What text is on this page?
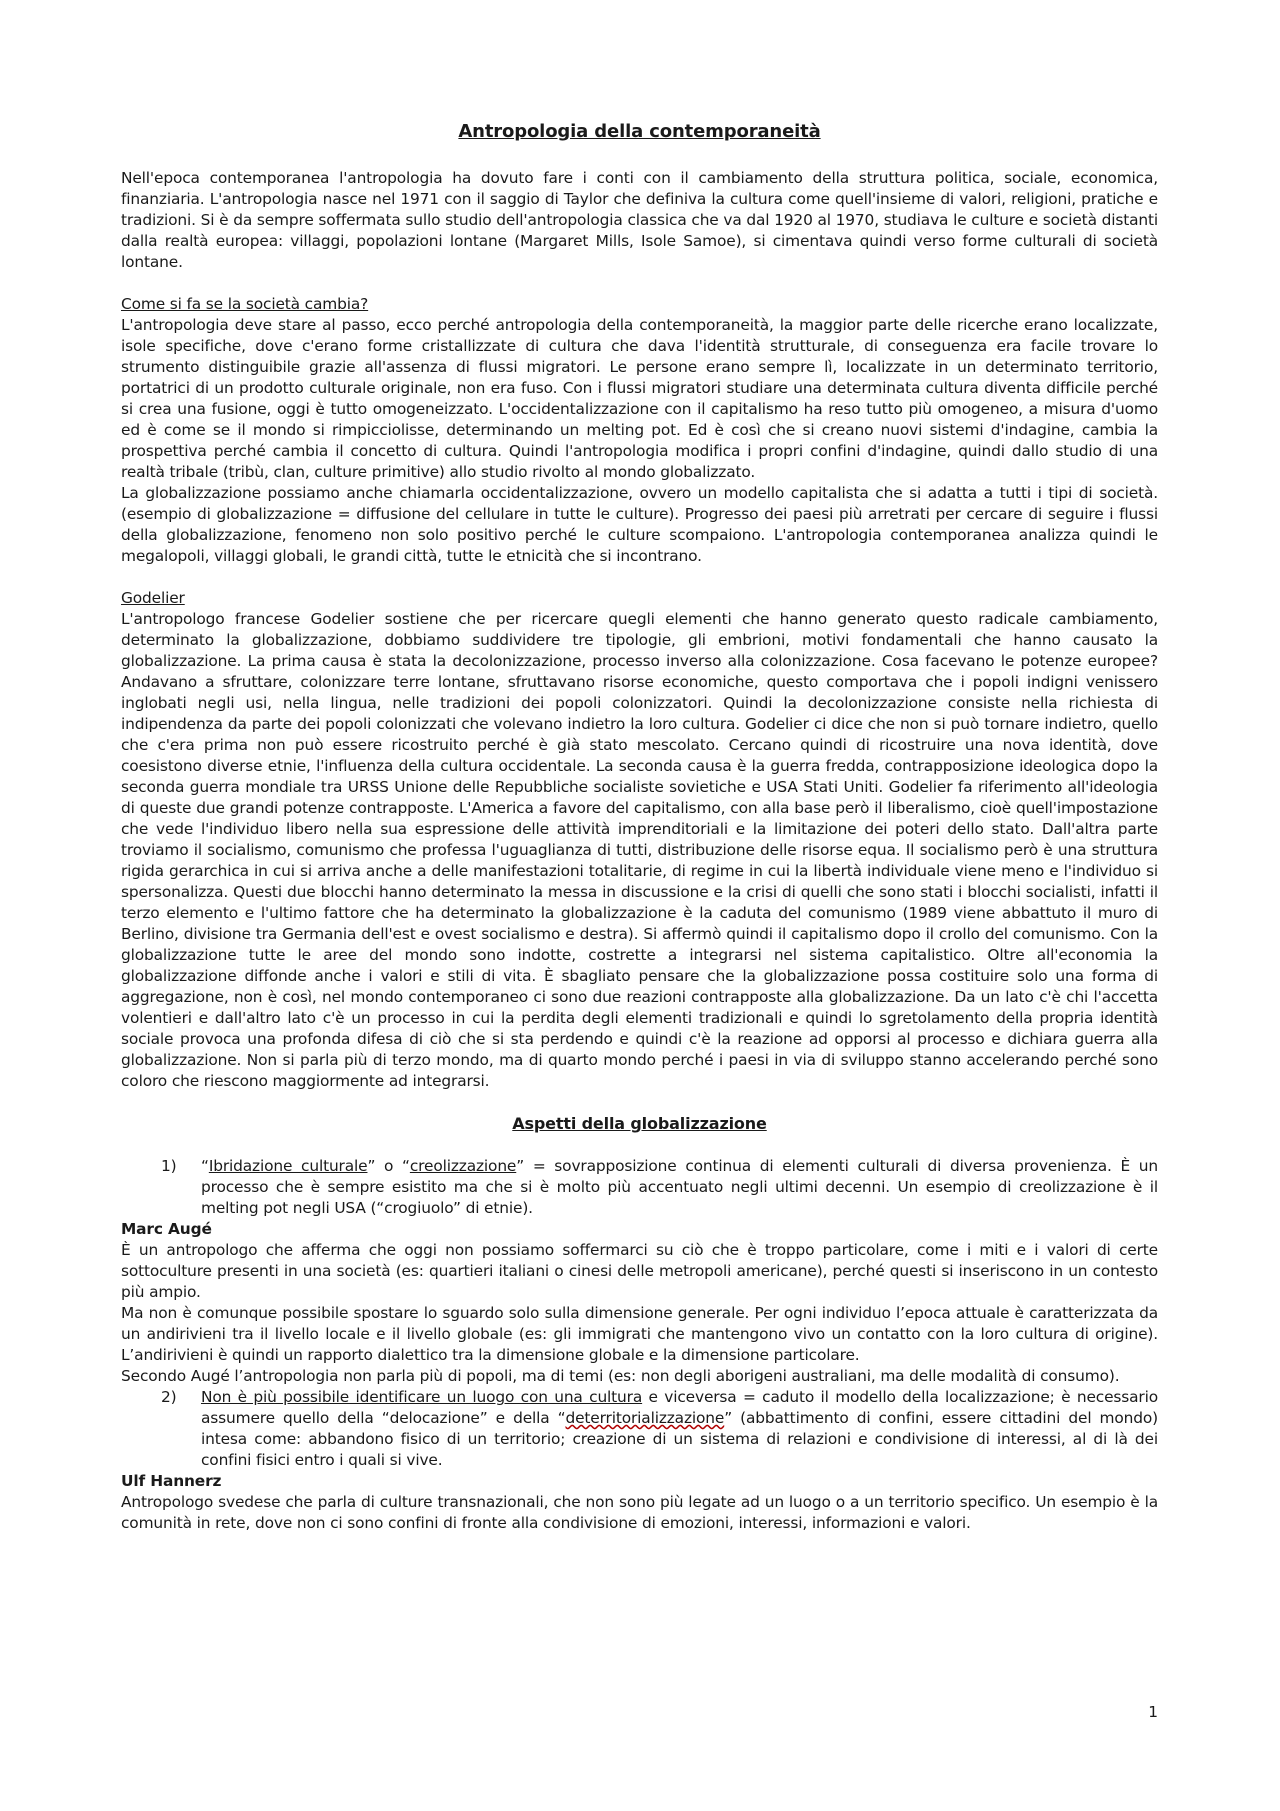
Antropologia della contemporaneità

Nell'epoca contemporanea l'antropologia ha dovuto fare i conti con il cambiamento della struttura politica, sociale, economica, finanziaria. L'antropologia nasce nel 1971 con il saggio di Taylor che definiva la cultura come quell'insieme di valori, religioni, pratiche e tradizioni. Si è da sempre soffermata sullo studio dell'antropologia classica che va dal 1920 al 1970, studiava le culture e società distanti dalla realtà europea: villaggi, popolazioni lontane (Margaret Mills, Isole Samoe), si cimentava quindi verso forme culturali di società lontane.

Come si fa se la società cambia?

L'antropologia deve stare al passo, ecco perché antropologia della contemporaneità, la maggior parte delle ricerche erano localizzate, isole specifiche, dove c'erano forme cristallizzate di cultura che dava l'identità strutturale, di conseguenza era facile trovare lo strumento distinguibile grazie all'assenza di flussi migratori. Le persone erano sempre lì, localizzate in un determinato territorio, portatrici di un prodotto culturale originale, non era fuso. Con i flussi migratori studiare una determinata cultura diventa difficile perché si crea una fusione, oggi è tutto omogeneizzato. L'occidentalizzazione con il capitalismo ha reso tutto più omogeneo, a misura d'uomo ed è come se il mondo si rimpicciolisse, determinando un melting pot. Ed è così che si creano nuovi sistemi d'indagine, cambia la prospettiva perché cambia il concetto di cultura. Quindi l'antropologia modifica i propri confini d'indagine, quindi dallo studio di una realtà tribale (tribù, clan, culture primitive) allo studio rivolto al mondo globalizzato.

La globalizzazione possiamo anche chiamarla occidentalizzazione, ovvero un modello capitalista che si adatta a tutti i tipi di società. (esempio di globalizzazione = diffusione del cellulare in tutte le culture). Progresso dei paesi più arretrati per cercare di seguire i flussi della globalizzazione, fenomeno non solo positivo perché le culture scompaiono. L'antropologia contemporanea analizza quindi le megalopoli, villaggi globali, le grandi città, tutte le etnicità che si incontrano.

Godelier

L'antropologo francese Godelier sostiene che per ricercare quegli elementi che hanno generato questo radicale cambiamento, determinato la globalizzazione, dobbiamo suddividere tre tipologie, gli embrioni, motivi fondamentali che hanno causato la globalizzazione. La prima causa è stata la decolonizzazione, processo inverso alla colonizzazione. Cosa facevano le potenze europee? Andavano a sfruttare, colonizzare terre lontane, sfruttavano risorse economiche, questo comportava che i popoli indigni venissero inglobati negli usi, nella lingua, nelle tradizioni dei popoli colonizzatori. Quindi la decolonizzazione consiste nella richiesta di indipendenza da parte dei popoli colonizzati che volevano indietro la loro cultura. Godelier ci dice che non si può tornare indietro, quello che c'era prima non può essere ricostruito perché è già stato mescolato. Cercano quindi di ricostruire una nova identità, dove coesistono diverse etnie, l'influenza della cultura occidentale. La seconda causa è la guerra fredda, contrapposizione ideologica dopo la seconda guerra mondiale tra URSS Unione delle Repubbliche socialiste sovietiche e USA Stati Uniti. Godelier fa riferimento all'ideologia di queste due grandi potenze contrapposte. L'America a favore del capitalismo, con alla base però il liberalismo, cioè quell'impostazione che vede l'individuo libero nella sua espressione delle attività imprenditoriali e la limitazione dei poteri dello stato. Dall'altra parte troviamo il socialismo, comunismo che professa l'uguaglianza di tutti, distribuzione delle risorse equa. Il socialismo però è una struttura rigida gerarchica in cui si arriva anche a delle manifestazioni totalitarie, di regime in cui la libertà individuale viene meno e l'individuo si spersonalizza. Questi due blocchi hanno determinato la messa in discussione e la crisi di quelli che sono stati i blocchi socialisti, infatti il terzo elemento e l'ultimo fattore che ha determinato la globalizzazione è la caduta del comunismo (1989 viene abbattuto il muro di Berlino, divisione tra Germania dell'est e ovest socialismo e destra). Si affermò quindi il capitalismo dopo il crollo del comunismo. Con la globalizzazione tutte le aree del mondo sono indotte, costrette a integrarsi nel sistema capitalistico. Oltre all'economia la globalizzazione diffonde anche i valori e stili di vita. È sbagliato pensare che la globalizzazione possa costituire solo una forma di aggregazione, non è così, nel mondo contemporaneo ci sono due reazioni contrapposte alla globalizzazione. Da un lato c'è chi l'accetta volentieri e dall'altro lato c'è un processo in cui la perdita degli elementi tradizionali e quindi lo sgretolamento della propria identità sociale provoca una profonda difesa di ciò che si sta perdendo e quindi c'è la reazione ad opporsi al processo e dichiara guerra alla globalizzazione. Non si parla più di terzo mondo, ma di quarto mondo perché i paesi in via di sviluppo stanno accelerando perché sono coloro che riescono maggiormente ad integrarsi.

Aspetti della globalizzazione
1) “Ibridazione culturale” o “creolizzazione” = sovrapposizione continua di elementi culturali di diversa provenienza. È un processo che è sempre esistito ma che si è molto più accentuato negli ultimi decenni. Un esempio di creolizzazione è il melting pot negli USA (“crogiuolo” di etnie).

Marc Augé

È un antropologo che afferma che oggi non possiamo soffermarci su ciò che è troppo particolare, come i miti e i valori di certe sottoculture presenti in una società (es: quartieri italiani o cinesi delle metropoli americane), perché questi si inseriscono in un contesto più ampio.

Ma non è comunque possibile spostare lo sguardo solo sulla dimensione generale. Per ogni individuo l’epoca attuale è caratterizzata da un andirivieni tra il livello locale e il livello globale (es: gli immigrati che mantengono vivo un contatto con la loro cultura di origine). L’andirivieni è quindi un rapporto dialettico tra la dimensione globale e la dimensione particolare.

Secondo Augé l’antropologia non parla più di popoli, ma di temi (es: non degli aborigeni australiani, ma delle modalità di consumo).

2) Non è più possibile identificare un luogo con una cultura e viceversa = caduto il modello della localizzazione; è necessario assumere quello della “delocazione” e della “deterritorializzazione” (abbattimento di confini, essere cittadini del mondo) intesa come: abbandono fisico di un territorio; creazione di un sistema di relazioni e condivisione di interessi, al di là dei confini fisici entro i quali si vive.

Ulf Hannerz

Antropologo svedese che parla di culture transnazionali, che non sono più legate ad un luogo o a un territorio specifico. Un esempio è la comunità in rete, dove non ci sono confini di fronte alla condivisione di emozioni, interessi, informazioni e valori.

1
